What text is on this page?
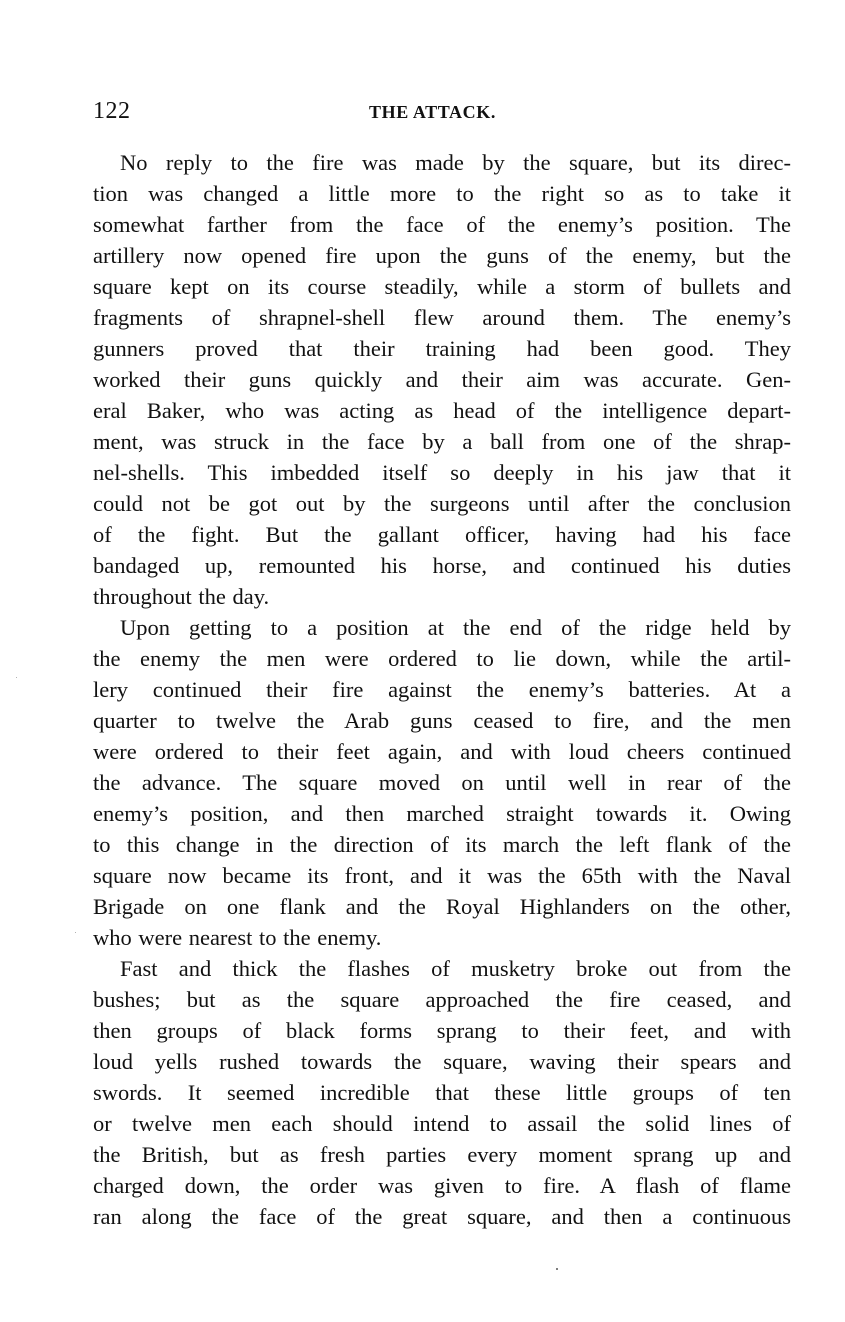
122	THE ATTACK.
No reply to the fire was made by the square, but its direc-
tion was changed a little more to the right so as to take it
somewhat farther from the face of the enemy’s position. The
artillery now opened fire upon the guns of the enemy, but the
square kept on its course steadily, while a storm of bullets and
fragments of shrapnel-shell flew around them. The enemy’s
gunners proved that their training had been good. They
worked their guns quickly and their aim was accurate. Gen-
eral Baker, who was acting as head of the intelligence depart-
ment, was struck in the face by a ball from one of the shrap-
nel-shells. This imbedded itself so deeply in his jaw that it
could not be got out by the surgeons until after the conclusion
of the fight. But the gallant officer, having had his face
bandaged up, remounted his horse, and continued his duties
throughout the day.
Upon getting to a position at the end of the ridge held by
the enemy the men were ordered to lie down, while the artil-
lery continued their fire against the enemy’s batteries. At a
quarter to twelve the Arab guns ceased to fire, and the men
were ordered to their feet again, and with loud cheers continued
the advance. The square moved on until well in rear of the
enemy’s position, and then marched straight towards it. Owing
to this change in the direction of its march the left flank of the
square now became its front, and it was the 65th with the Naval
Brigade on one flank and the Royal Highlanders on the other,
who were nearest to the enemy.
Fast and thick the flashes of musketry broke out from the
bushes; but as the square approached the fire ceased, and
then groups of black forms sprang to their feet, and with
loud yells rushed towards the square, waving their spears and
swords. It seemed incredible that these little groups of ten
or twelve men each should intend to assail the solid lines of
the British, but as fresh parties every moment sprang up and
charged down, the order was given to fire. A flash of flame
ran along the face of the great square, and then a continuous
